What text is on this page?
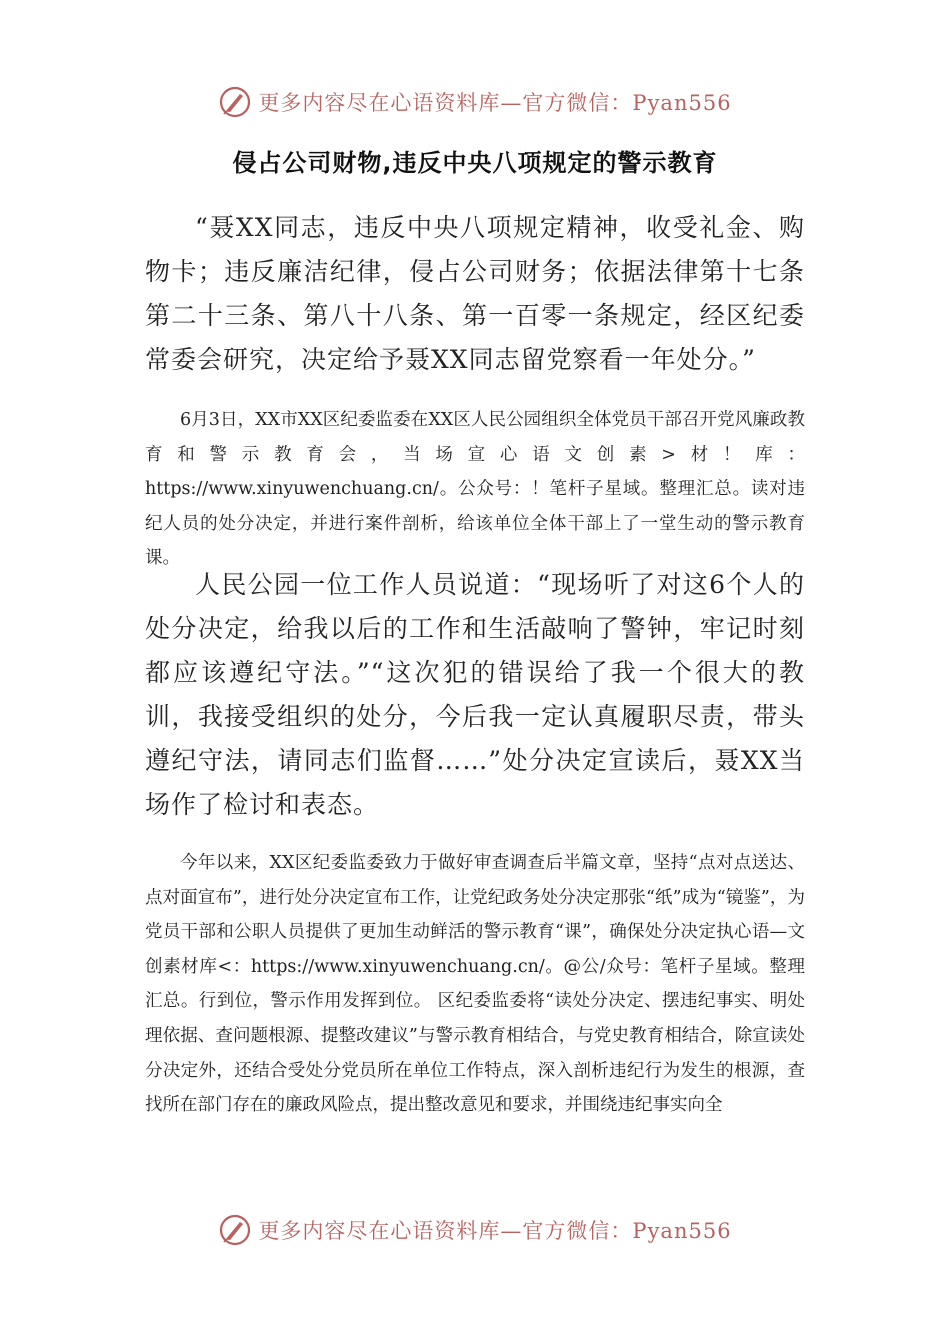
更多内容尽在心语资料库—官方微信：Pyan556
侵占公司财物,违反中央八项规定的警示教育
“聂XX同志，违反中央八项规定精神，收受礼金、购物卡；违反廉洁纪律，侵占公司财务；依据法律第十七条第二十三条、第八十八条、第一百零一条规定，经区纪委常委会研究，决定给予聂XX同志留党察看一年处分。”
6月3日，XX市XX区纪委监委在XX区人民公园组织全体党员干部召开党风廉政教育和警示教育会，当场宣心语文创素>材！库：https://www.xinyuwenchuang.cn/。公众号：！笔杆子星域。整理汇总。读对违纪人员的处分决定，并进行案件剖析，给该单位全体干部上了一堂生动的警示教育课。
人民公园一位工作人员说道：“现场听了对这6个人的处分决定，给我以后的工作和生活敲响了警钟，牢记时刻都应该遵纪守法。”“这次犯的错误给了我一个很大的教训，我接受组织的处分，今后我一定认真履职尽责，带头遵纪守法，请同志们监督……”处分决定宣读后，聂XX当场作了检讨和表态。
今年以来，XX区纪委监委致力于做好审查调查后半篇文章，坚持“点对点送达、点对面宣布”，进行处分决定宣布工作，让党纪政务处分决定那张“纸”成为“镜鉴”，为党员干部和公职人员提供了更加生动鲜活的警示教育“课”，确保处分决定执心语—文创素材库<：https://www.xinyuwenchuang.cn/。@公/众号：笔杆子星域。整理汇总。行到位，警示作用发挥到位。 区纪委监委将“读处分决定、摆违纪事实、明处理依据、查问题根源、提整改建议”与警示教育相结合，与党史教育相结合，除宣读处分决定外，还结合受处分党员所在单位工作特点，深入剖析违纪行为发生的根源，查找所在部门存在的廉政风险点，提出整改意见和要求，并围绕违纪事实向全
更多内容尽在心语资料库—官方微信：Pyan556
